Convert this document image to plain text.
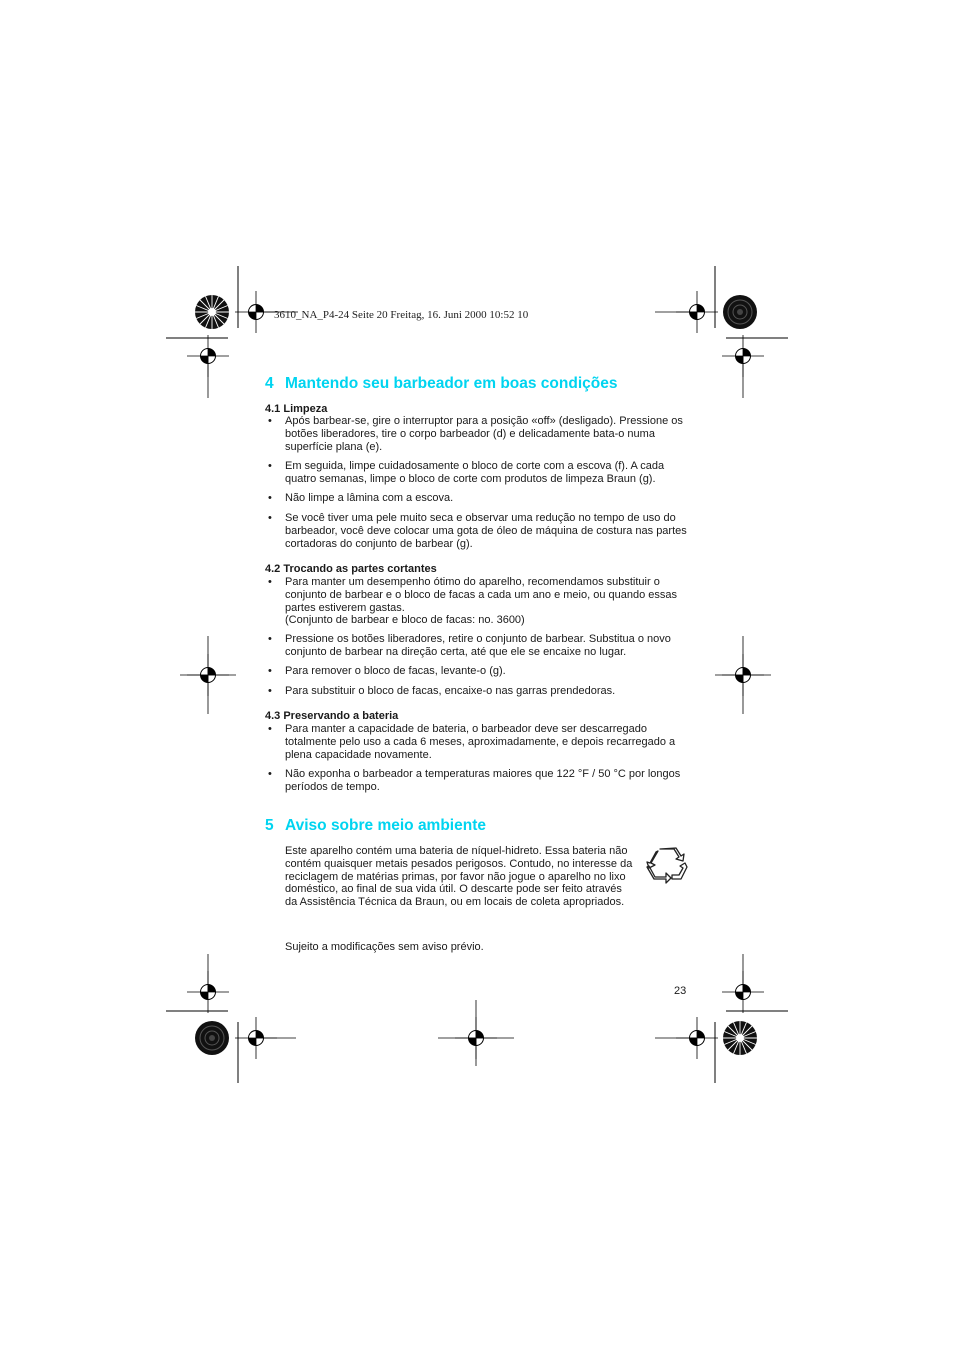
3610_NA_P4-24 Seite 20 Freitag, 16. Juni 2000 10:52 10
4 Mantendo seu barbeador em boas condições
4.1 Limpeza
• Após barbear-se, gire o interruptor para a posição «off» (desligado). Pressione os botões liberadores, tire o corpo barbeador (d) e delicadamente bata-o numa superfície plana (e).
• Em seguida, limpe cuidadosamente o bloco de corte com a escova (f). A cada quatro semanas, limpe o bloco de corte com produtos de limpeza Braun (g).
• Não limpe a lâmina com a escova.
• Se você tiver uma pele muito seca e observar uma redução no tempo de uso do barbeador, você deve colocar uma gota de óleo de máquina de costura nas partes cortadoras do conjunto de barbear (g).
4.2 Trocando as partes cortantes
• Para manter um desempenho ótimo do aparelho, recomendamos substituir o conjunto de barbear e o bloco de facas a cada um ano e meio, ou quando essas partes estiverem gastas.
(Conjunto de barbear e bloco de facas: no. 3600)
• Pressione os botões liberadores, retire o conjunto de barbear. Substitua o novo conjunto de barbear na direção certa, até que ele se encaixe no lugar.
• Para remover o bloco de facas, levante-o (g).
• Para substituir o bloco de facas, encaixe-o nas garras prendedoras.
4.3 Preservando a bateria
• Para manter a capacidade de bateria, o barbeador deve ser descarregado totalmente pelo uso a cada 6 meses, aproximadamente, e depois recarregado a plena capacidade novamente.
• Não exponha o barbeador a temperaturas maiores que 122 °F / 50 °C por longos períodos de tempo.
5 Aviso sobre meio ambiente
Este aparelho contém uma bateria de níquel-hidreto. Essa bateria não contém quaisquer metais pesados perigosos. Contudo, no interesse da reciclagem de matérias primas, por favor não jogue o aparelho no lixo doméstico, ao final de sua vida útil. O descarte pode ser feito através da Assistência Técnica da Braun, ou em locais de coleta apropriados.
Sujeito a modificações sem aviso prévio.
23
